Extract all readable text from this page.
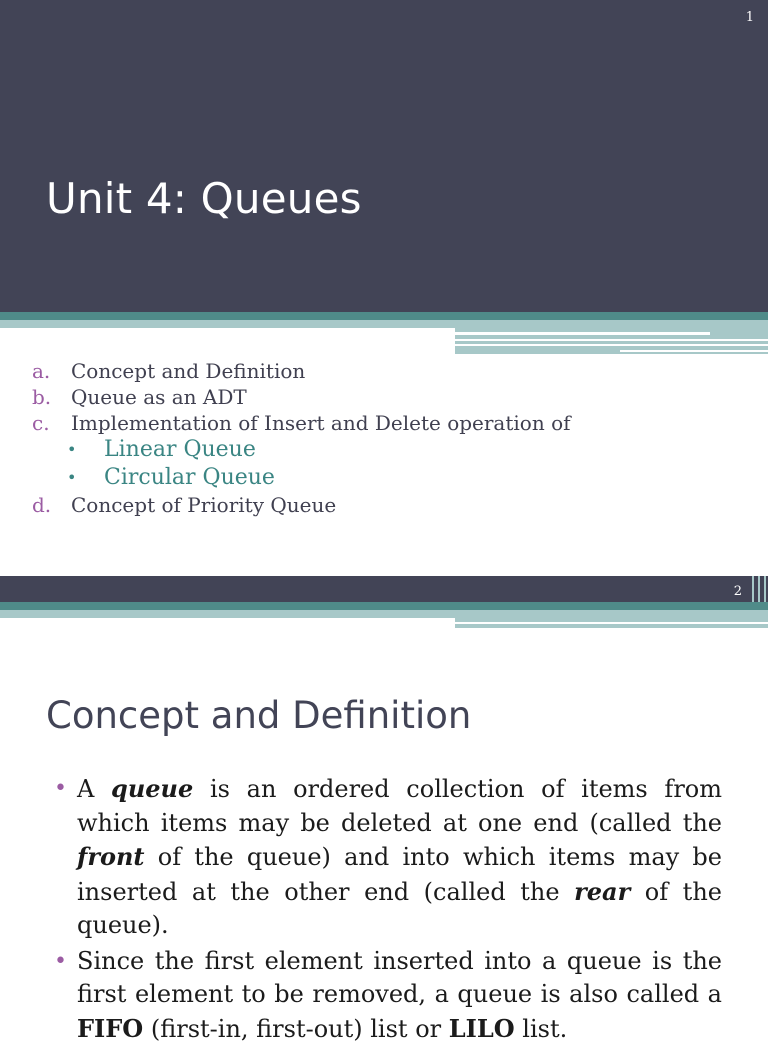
1
Unit 4: Queues
a. Concept and Definition
b. Queue as an ADT
c. Implementation of Insert and Delete operation of
• Linear Queue
• Circular Queue
d. Concept of Priority Queue
2
Concept and Definition
• A queue is an ordered collection of items from which items may be deleted at one end (called the front of the queue) and into which items may be inserted at the other end (called the rear of the queue).
• Since the first element inserted into a queue is the first element to be removed, a queue is also called a FIFO (first-in, first-out) list or LILO list.
